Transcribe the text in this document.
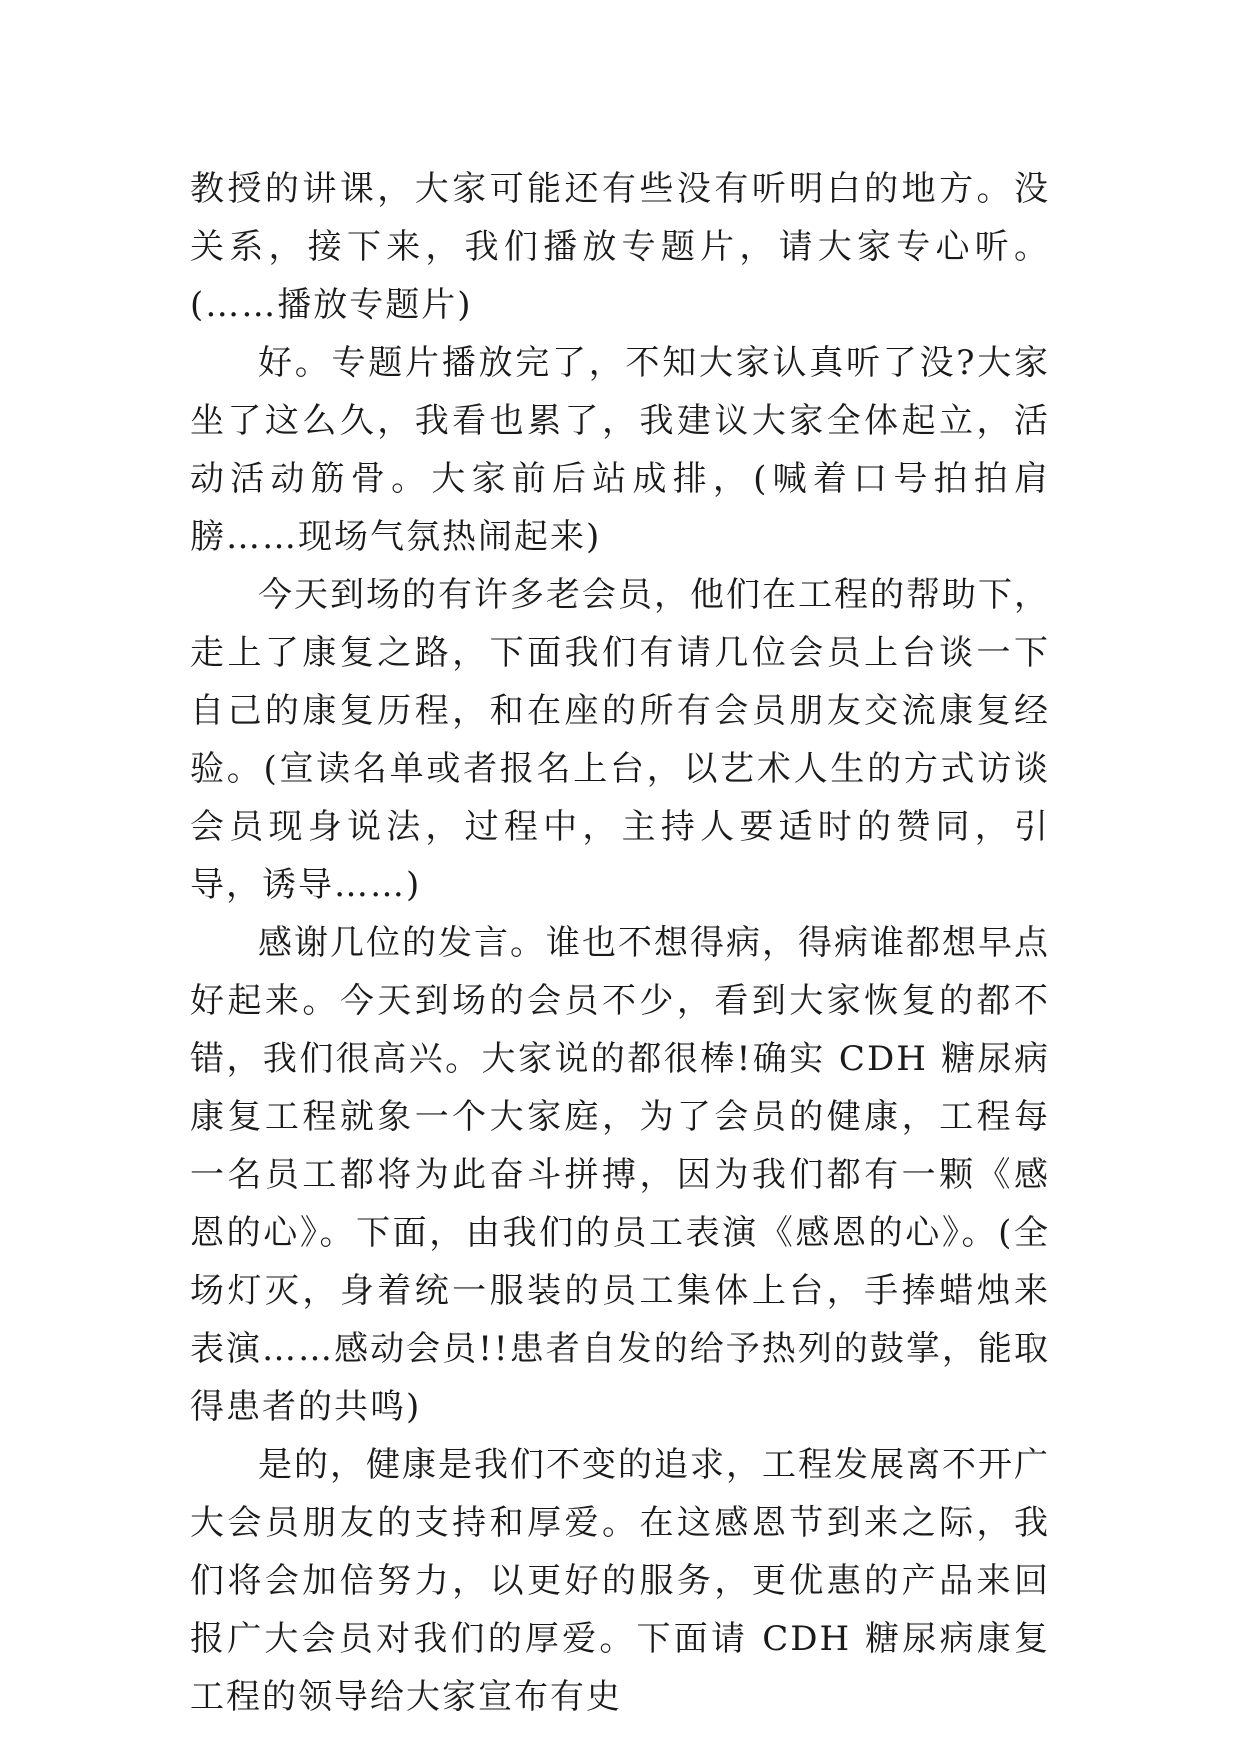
教授的讲课，大家可能还有些没有听明白的地方。没关系，接下来，我们播放专题片，请大家专心听。(……播放专题片)

好。专题片播放完了，不知大家认真听了没?大家坐了这么久，我看也累了，我建议大家全体起立，活动活动筋骨。大家前后站成排，(喊着口号拍拍肩膀……现场气氛热闹起来)

今天到场的有许多老会员，他们在工程的帮助下，走上了康复之路，下面我们有请几位会员上台谈一下自己的康复历程，和在座的所有会员朋友交流康复经验。(宣读名单或者报名上台，以艺术人生的方式访谈会员现身说法，过程中，主持人要适时的赞同，引导，诱导……)

感谢几位的发言。谁也不想得病，得病谁都想早点好起来。今天到场的会员不少，看到大家恢复的都不错，我们很高兴。大家说的都很棒!确实 CDH 糖尿病康复工程就象一个大家庭，为了会员的健康，工程每一名员工都将为此奋斗拼搏，因为我们都有一颗《感恩的心》。下面，由我们的员工表演《感恩的心》。(全场灯灭，身着统一服装的员工集体上台，手捧蜡烛来表演……感动会员!!患者自发的给予热列的鼓掌，能取得患者的共鸣)

是的，健康是我们不变的追求，工程发展离不开广大会员朋友的支持和厚爱。在这感恩节到来之际，我们将会加倍努力，以更好的服务，更优惠的产品来回报广大会员对我们的厚爱。下面请 CDH 糖尿病康复工程的领导给大家宣布有史
